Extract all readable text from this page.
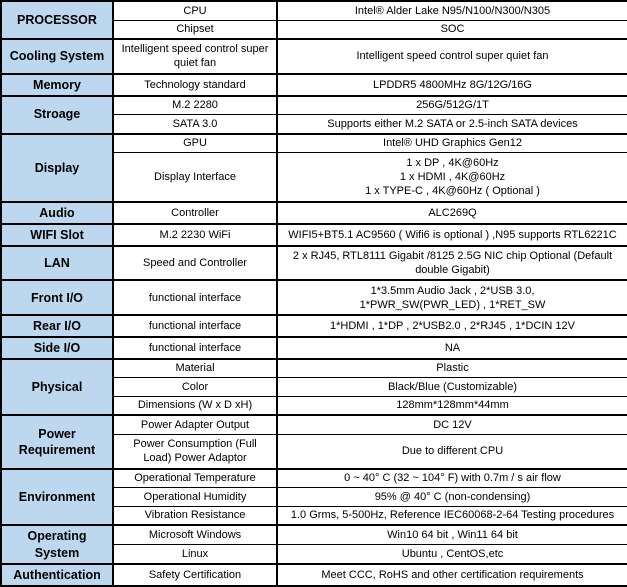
PROCESSOR	CPU	Intel® Alder Lake N95/N100/N300/N305

	Chipset	SOC

Cooling System	Intelligent speed control super quiet fan	Intelligent speed control super quiet fan

Memory	Technology standard	LPDDR5 4800MHz 8G/12G/16G

Stroage	M.2 2280	256G/512G/1T

	SATA 3.0	Supports either M.2 SATA or 2.5-inch SATA devices

Display	GPU	Intel® UHD Graphics Gen12

	Display Interface	1 x DP , 4K@60Hz
1 x HDMI , 4K@60Hz
1 x TYPE-C , 4K@60Hz ( Optional )

Audio	Controller	ALC269Q

WIFI Slot	M.2 2230 WiFi	WIFI5+BT5.1 AC9560 ( Wifi6 is optional ) ,N95 supports RTL6221C

LAN	Speed and Controller	2 x RJ45, RTL8111 Gigabit /8125 2.5G NIC chip Optional (Default double Gigabit)

Front I/O	functional interface	1*3.5mm Audio Jack , 2*USB 3.0,
1*PWR_SW(PWR_LED) , 1*RET_SW

Rear I/O	functional interface	1*HDMI , 1*DP , 2*USB2.0 , 2*RJ45 , 1*DCIN 12V

Side I/O	functional interface	NA

Physical	Material	Plastic

	Color	Black/Blue (Customizable)

	Dimensions (W x D xH)	128mm*128mm*44mm

Power Requirement	Power Adapter Output	DC 12V

	Power Consumption (Full Load) Power Adaptor	Due to different CPU

Environment	Operational Temperature	0 ~ 40° C (32 ~ 104° F) with 0.7m / s air flow

	Operational Humidity	95% @ 40° C (non-condensing)

	Vibration Resistance	1.0 Grms, 5-500Hz, Reference IEC60068-2-64 Testing procedures

Operating System	Microsoft Windows	Win10 64 bit , Win11 64 bit

	Linux	Ubuntu , CentOS,etc

Authentication	Safety Certification	Meet CCC, RoHS and other certification requirements
